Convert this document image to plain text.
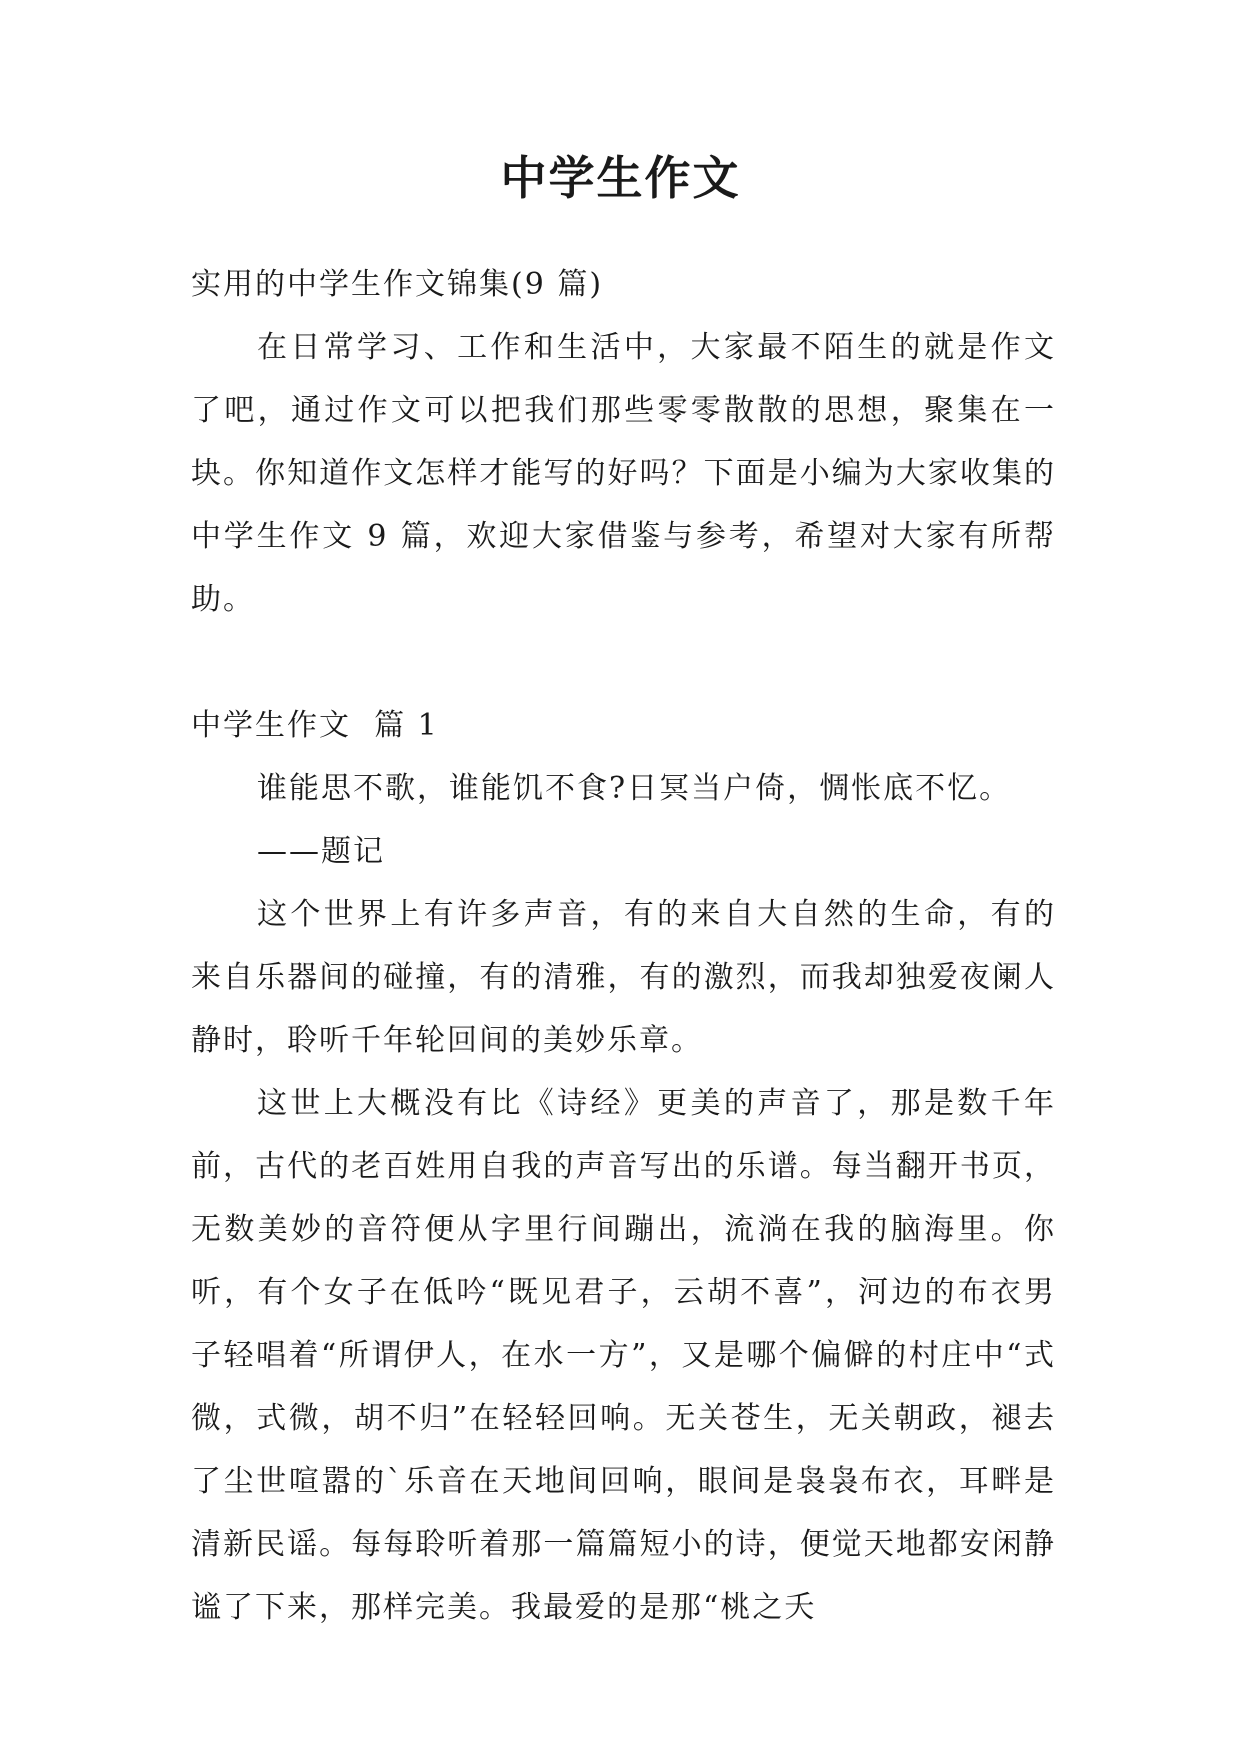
中学生作文

实用的中学生作文锦集(9 篇)

在日常学习、工作和生活中，大家最不陌生的就是作文了吧，通过作文可以把我们那些零零散散的思想，聚集在一块。你知道作文怎样才能写的好吗？下面是小编为大家收集的中学生作文 9 篇，欢迎大家借鉴与参考，希望对大家有所帮助。

中学生作文  篇 1

谁能思不歌，谁能饥不食?日冥当户倚，惆怅底不忆。

——题记

这个世界上有许多声音，有的来自大自然的生命，有的来自乐器间的碰撞，有的清雅，有的激烈，而我却独爱夜阑人静时，聆听千年轮回间的美妙乐章。

这世上大概没有比《诗经》更美的声音了，那是数千年前，古代的老百姓用自我的声音写出的乐谱。每当翻开书页，无数美妙的音符便从字里行间蹦出，流淌在我的脑海里。你听，有个女子在低吟“既见君子，云胡不喜”，河边的布衣男子轻唱着“所谓伊人，在水一方”，又是哪个偏僻的村庄中“式微，式微，胡不归”在轻轻回响。无关苍生，无关朝政，褪去了尘世喧嚣的`乐音在天地间回响，眼间是袅袅布衣，耳畔是清新民谣。每每聆听着那一篇篇短小的诗，便觉天地都安闲静谧了下来，那样完美。我最爱的是那“桃之夭
